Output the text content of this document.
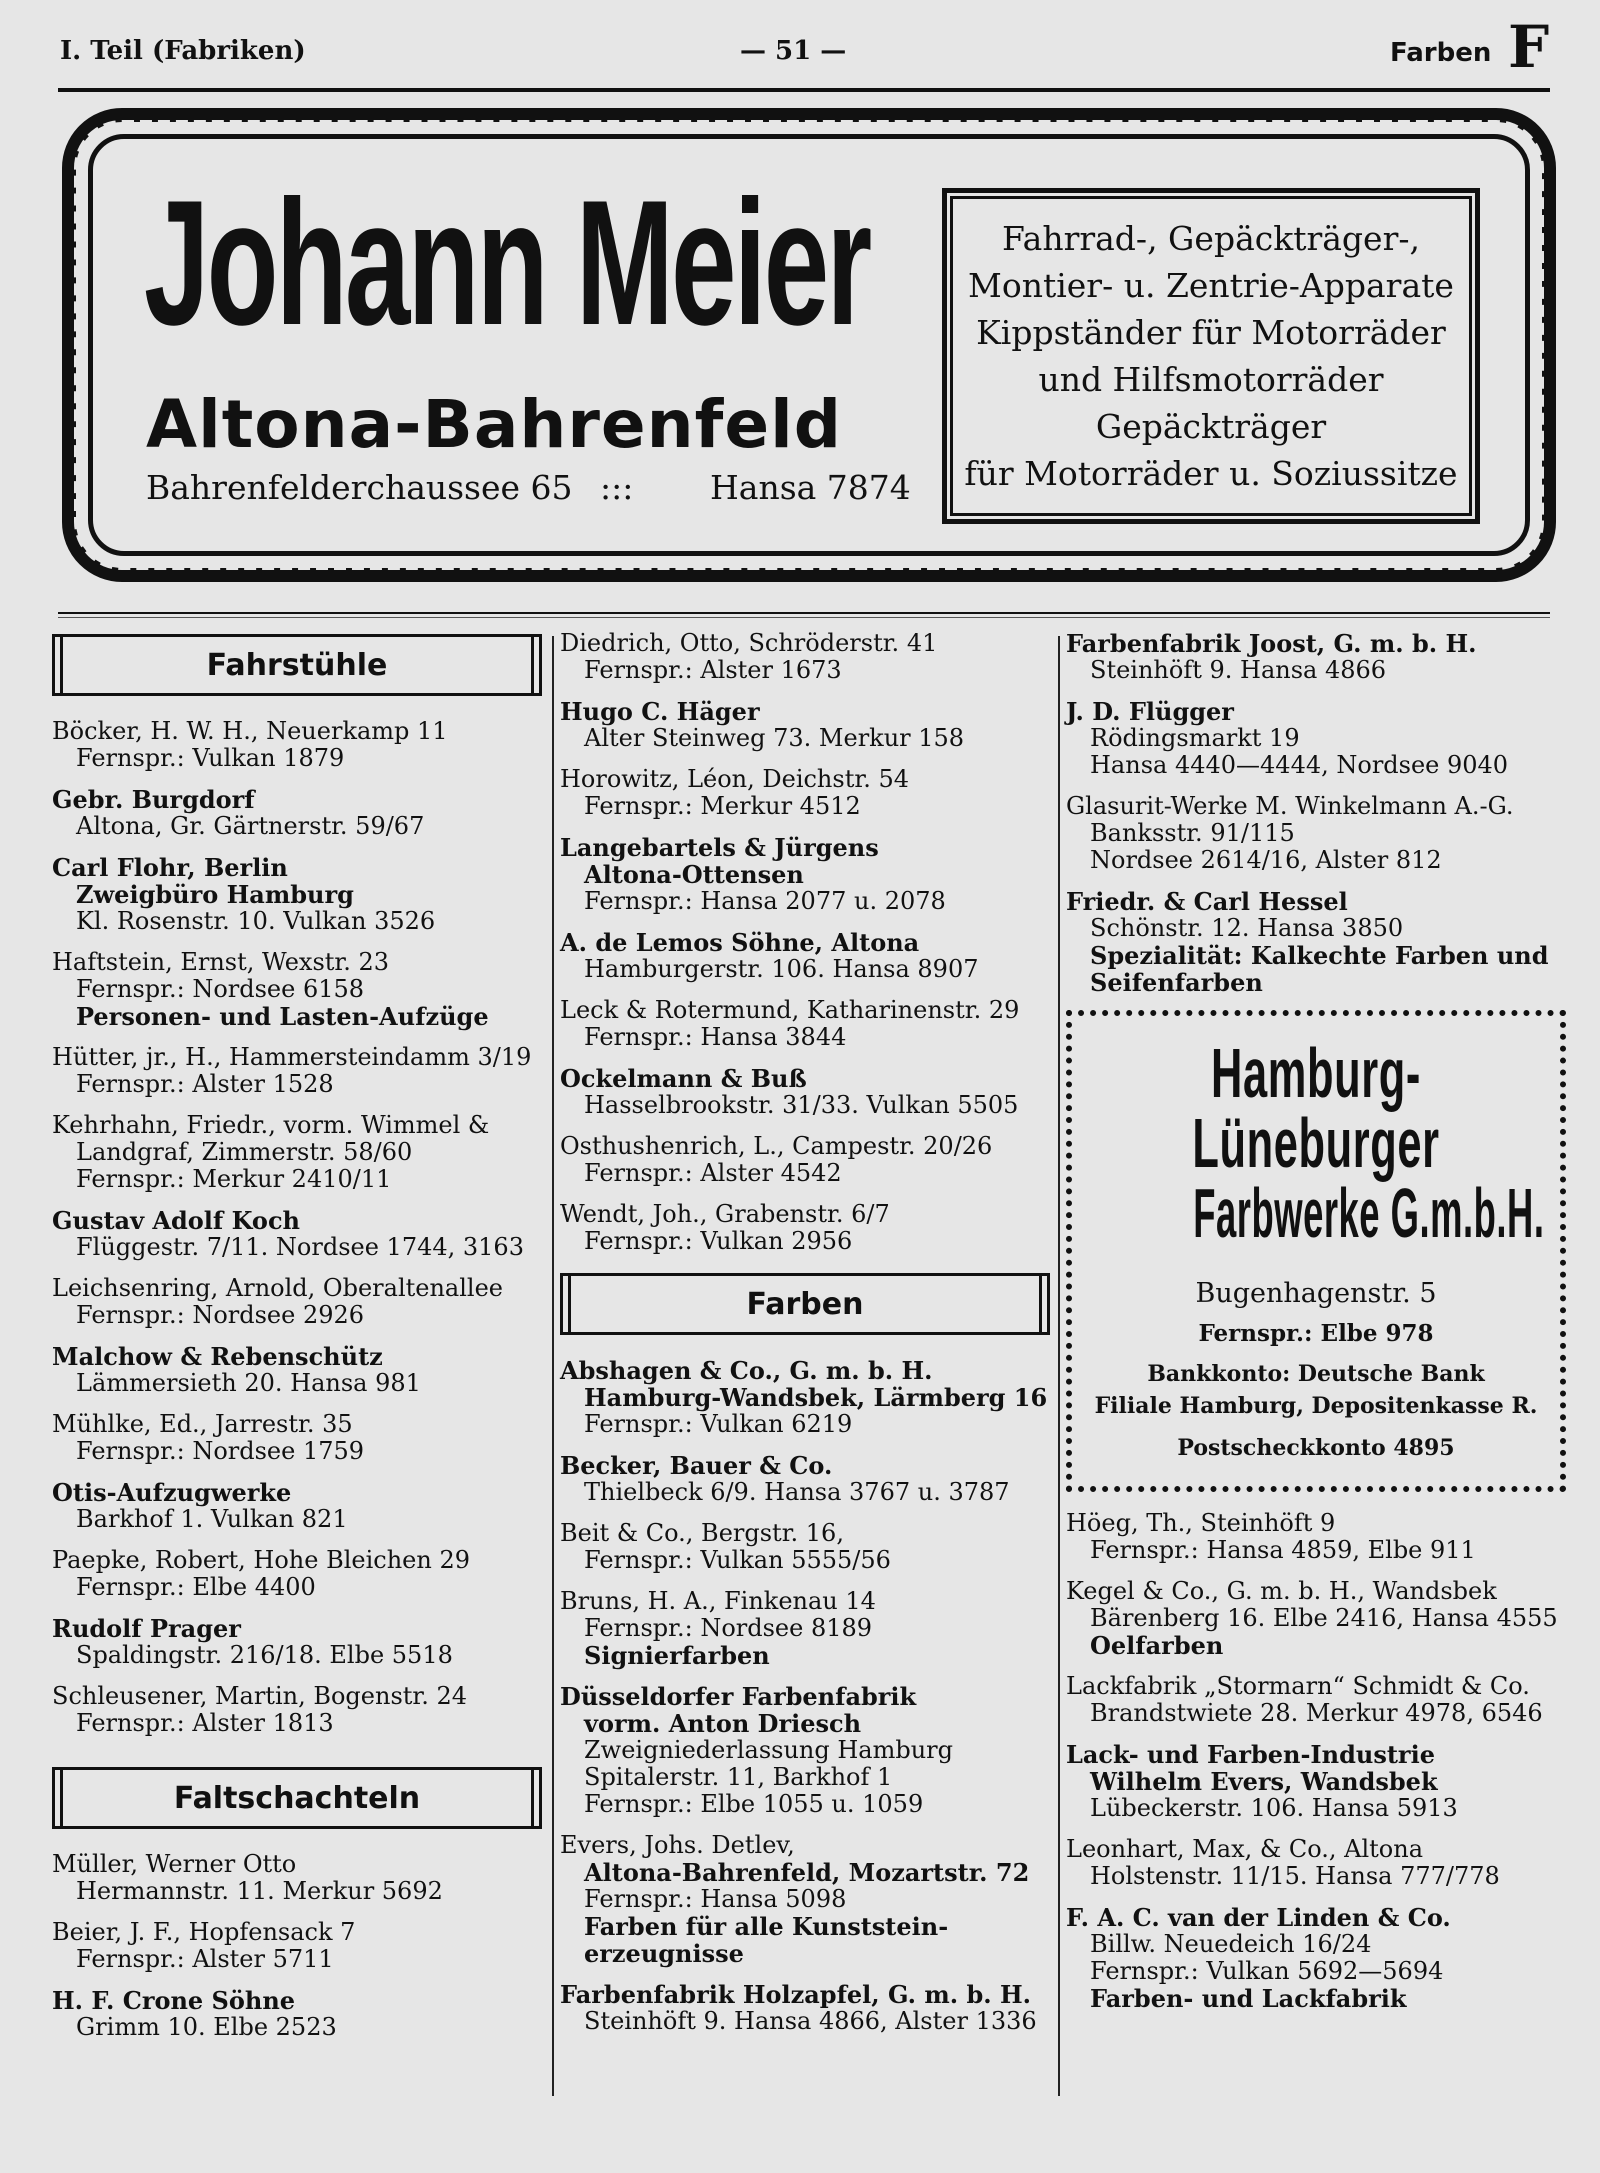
I. Teil (Fabriken)	— 51 —	Farben F
Johann Meier
Altona-Bahrenfeld
Bahrenfelderchaussee 65 ::: Hansa 7874
Fahrrad-, Gepäckträger-,
Montier- u. Zentrie-Apparate
Kippständer für Motorräder
und Hilfsmotorräder
Gepäckträger
für Motorräder u. Soziussitze
Fahrstühle
Böcker, H. W. H., Neuerkamp 11
Fernspr.: Vulkan 1879
Gebr. Burgdorf
Altona, Gr. Gärtnerstr. 59/67
Carl Flohr, Berlin
Zweigbüro Hamburg
Kl. Rosenstr. 10. Vulkan 3526
Haftstein, Ernst, Wexstr. 23
Fernspr.: Nordsee 6158
Personen- und Lasten-Aufzüge
Hütter, jr., H., Hammersteindamm 3/19
Fernspr.: Alster 1528
Kehrhahn, Friedr., vorm. Wimmel &
Landgraf, Zimmerstr. 58/60
Fernspr.: Merkur 2410/11
Gustav Adolf Koch
Flüggestr. 7/11. Nordsee 1744, 3163
Leichsenring, Arnold, Oberaltenallee
Fernspr.: Nordsee 2926
Malchow & Rebenschütz
Lämmersieth 20. Hansa 981
Mühlke, Ed., Jarrestr. 35
Fernspr.: Nordsee 1759
Otis-Aufzugwerke
Barkhof 1. Vulkan 821
Paepke, Robert, Hohe Bleichen 29
Fernspr.: Elbe 4400
Rudolf Prager
Spaldingstr. 216/18. Elbe 5518
Schleusener, Martin, Bogenstr. 24
Fernspr.: Alster 1813
Faltschachteln
Müller, Werner Otto
Hermannstr. 11. Merkur 5692
Beier, J. F., Hopfensack 7
Fernspr.: Alster 5711
H. F. Crone Söhne
Grimm 10. Elbe 2523
Diedrich, Otto, Schröderstr. 41
Fernspr.: Alster 1673
Hugo C. Häger
Alter Steinweg 73. Merkur 158
Horowitz, Léon, Deichstr. 54
Fernspr.: Merkur 4512
Langebartels & Jürgens
Altona-Ottensen
Fernspr.: Hansa 2077 u. 2078
A. de Lemos Söhne, Altona
Hamburgerstr. 106. Hansa 8907
Leck & Rotermund, Katharinenstr. 29
Fernspr.: Hansa 3844
Ockelmann & Buß
Hasselbrookstr. 31/33. Vulkan 5505
Osthushenrich, L., Campestr. 20/26
Fernspr.: Alster 4542
Wendt, Joh., Grabenstr. 6/7
Fernspr.: Vulkan 2956
Farben
Abshagen & Co., G. m. b. H.
Hamburg-Wandsbek, Lärmberg 16
Fernspr.: Vulkan 6219
Becker, Bauer & Co.
Thielbeck 6/9. Hansa 3767 u. 3787
Beit & Co., Bergstr. 16,
Fernspr.: Vulkan 5555/56
Bruns, H. A., Finkenau 14
Fernspr.: Nordsee 8189
Signierfarben
Düsseldorfer Farbenfabrik
vorm. Anton Driesch
Zweigniederlassung Hamburg
Spitalerstr. 11, Barkhof 1
Fernspr.: Elbe 1055 u. 1059
Evers, Johs. Detlev,
Altona-Bahrenfeld, Mozartstr. 72
Fernspr.: Hansa 5098
Farben für alle Kunststein-
erzeugnisse
Farbenfabrik Holzapfel, G. m. b. H.
Steinhöft 9. Hansa 4866, Alster 1336
Farbenfabrik Joost, G. m. b. H.
Steinhöft 9. Hansa 4866
J. D. Flügger
Rödingsmarkt 19
Hansa 4440—4444, Nordsee 9040
Glasurit-Werke M. Winkelmann A.-G.
Banksstr. 91/115
Nordsee 2614/16, Alster 812
Friedr. & Carl Hessel
Schönstr. 12. Hansa 3850
Spezialität: Kalkechte Farben und
Seifenfarben
Hamburg-
Lüneburger
Farbwerke G.m.b.H.
Bugenhagenstr. 5
Fernspr.: Elbe 978
Bankkonto: Deutsche Bank
Filiale Hamburg, Depositenkasse R.
Postscheckkonto 4895
Höeg, Th., Steinhöft 9
Fernspr.: Hansa 4859, Elbe 911
Kegel & Co., G. m. b. H., Wandsbek
Bärenberg 16. Elbe 2416, Hansa 4555
Oelfarben
Lackfabrik „Stormarn“ Schmidt & Co.
Brandstwiete 28. Merkur 4978, 6546
Lack- und Farben-Industrie
Wilhelm Evers, Wandsbek
Lübeckerstr. 106. Hansa 5913
Leonhart, Max, & Co., Altona
Holstenstr. 11/15. Hansa 777/778
F. A. C. van der Linden & Co.
Billw. Neuedeich 16/24
Fernspr.: Vulkan 5692—5694
Farben- und Lackfabrik
